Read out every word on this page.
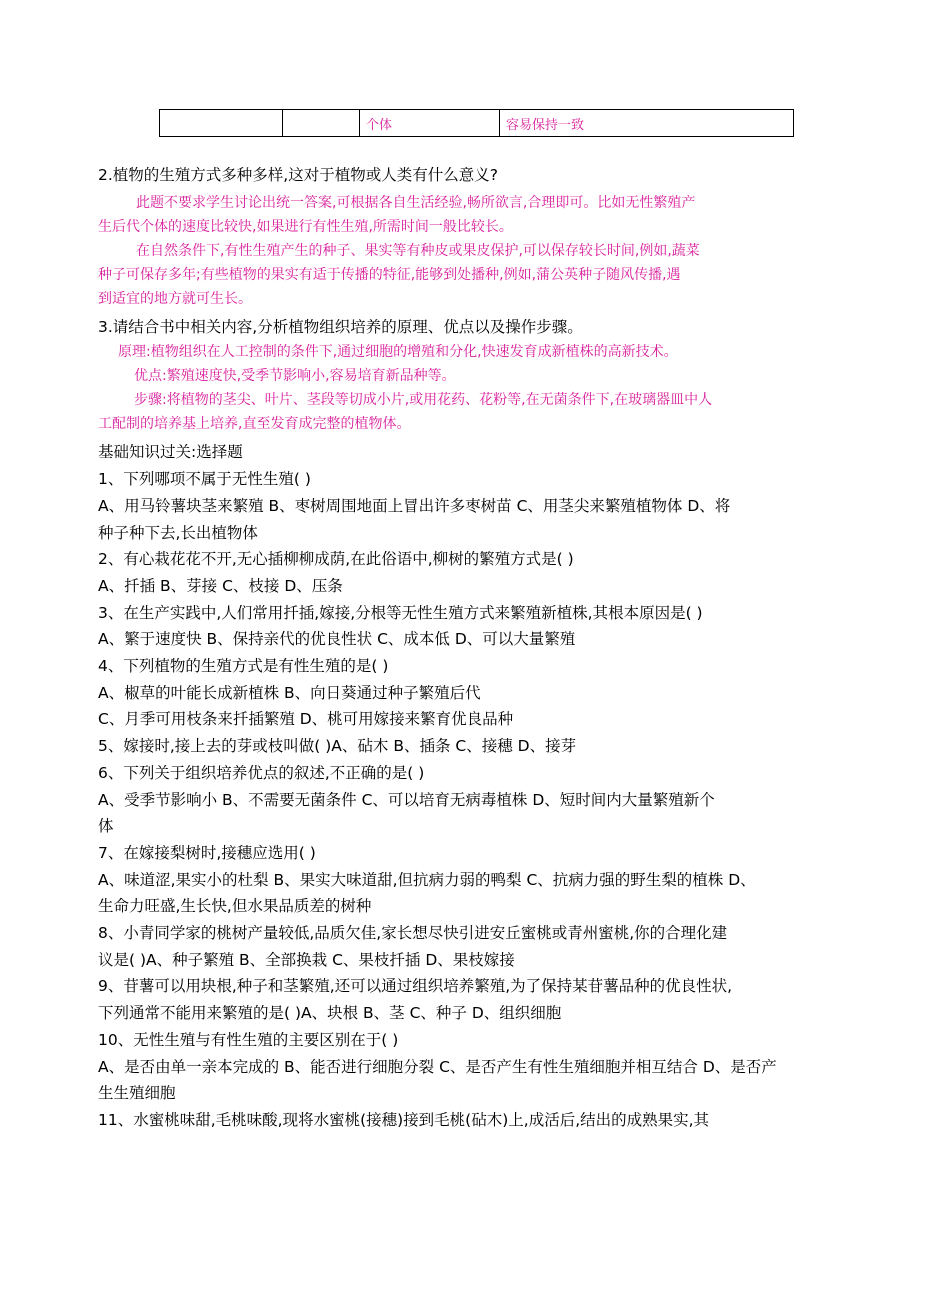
		个体	容易保持一致

2.植物的生殖方式多种多样,这对于植物或人类有什么意义?

此题不要求学生讨论出统一答案,可根据各自生活经验,畅所欲言,合理即可。比如无性繁殖产

生后代个体的速度比较快,如果进行有性生殖,所需时间一般比较长。

在自然条件下,有性生殖产生的种子、果实等有种皮或果皮保护,可以保存较长时间,例如,蔬菜

种子可保存多年;有些植物的果实有适于传播的特征,能够到处播种,例如,蒲公英种子随风传播,遇

到适宜的地方就可生长。

3.请结合书中相关内容,分析植物组织培养的原理、优点以及操作步骤。

原理:植物组织在人工控制的条件下,通过细胞的增殖和分化,快速发育成新植株的高新技术。

优点:繁殖速度快,受季节影响小,容易培育新品种等。

步骤:将植物的茎尖、叶片、茎段等切成小片,或用花药、花粉等,在无菌条件下,在玻璃器皿中人

工配制的培养基上培养,直至发育成完整的植物体。

基础知识过关:选择题

1、下列哪项不属于无性生殖( )

A、用马铃薯块茎来繁殖 B、枣树周围地面上冒出许多枣树苗 C、用茎尖来繁殖植物体 D、将

种子种下去,长出植物体

2、有心栽花花不开,无心插柳柳成荫,在此俗语中,柳树的繁殖方式是( )

A、扦插 B、芽接 C、枝接 D、压条

3、在生产实践中,人们常用扦插,嫁接,分根等无性生殖方式来繁殖新植株,其根本原因是( )

A、繁于速度快 B、保持亲代的优良性状 C、成本低 D、可以大量繁殖

4、下列植物的生殖方式是有性生殖的是( )

A、椒草的叶能长成新植株 B、向日葵通过种子繁殖后代

C、月季可用枝条来扦插繁殖 D、桃可用嫁接来繁育优良品种

5、嫁接时,接上去的芽或枝叫做( )A、砧木 B、插条 C、接穗 D、接芽

6、下列关于组织培养优点的叙述,不正确的是( )

A、受季节影响小 B、不需要无菌条件 C、可以培育无病毒植株 D、短时间内大量繁殖新个

体

7、在嫁接梨树时,接穗应选用( )

A、味道涩,果实小的杜梨 B、果实大味道甜,但抗病力弱的鸭梨 C、抗病力强的野生梨的植株 D、

生命力旺盛,生长快,但水果品质差的树种

8、小青同学家的桃树产量较低,品质欠佳,家长想尽快引进安丘蜜桃或青州蜜桃,你的合理化建

议是( )A、种子繁殖 B、全部换栽 C、果枝扦插 D、果枝嫁接

9、苷薯可以用块根,种子和茎繁殖,还可以通过组织培养繁殖,为了保持某苷薯品种的优良性状,

下列通常不能用来繁殖的是( )A、块根 B、茎 C、种子 D、组织细胞

10、无性生殖与有性生殖的主要区别在于( )

A、是否由单一亲本完成的 B、能否进行细胞分裂 C、是否产生有性生殖细胞并相互结合 D、是否产

生生殖细胞

11、水蜜桃味甜,毛桃味酸,现将水蜜桃(接穗)接到毛桃(砧木)上,成活后,结出的成熟果实,其
